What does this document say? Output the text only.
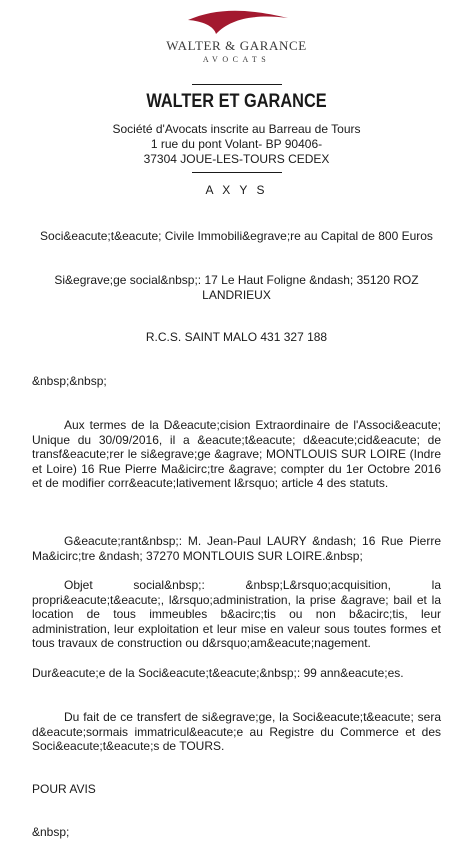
WALTER & GARANCE
AVOCATS
WALTER ET GARANCE
Société d'Avocats inscrite au Barreau de Tours
1 rue du pont Volant- BP 90406-
37304 JOUE-LES-TOURS CEDEX
A X Y S
Soci&eacute;t&eacute; Civile Immobili&egrave;re au Capital de 800 Euros
Si&egrave;ge social&nbsp;: 17 Le Haut Foligne &ndash; 35120 ROZ
LANDRIEUX
R.C.S. SAINT MALO 431 327 188
&nbsp;&nbsp;
Aux termes de la D&eacute;cision Extraordinaire de l'Associ&eacute; Unique du 30/09/2016, il a &eacute;t&eacute; d&eacute;cid&eacute; de transf&eacute;rer le si&egrave;ge &agrave; MONTLOUIS SUR LOIRE (Indre et Loire) 16 Rue Pierre Ma&icirc;tre &agrave; compter du 1er Octobre 2016 et de modifier corr&eacute;lativement l&rsquo; article 4 des statuts.
G&eacute;rant&nbsp;: M. Jean-Paul LAURY &ndash; 16 Rue Pierre Ma&icirc;tre &ndash; 37270 MONTLOUIS SUR LOIRE.&nbsp;
Objet social&nbsp;: &nbsp;L&rsquo;acquisition, la propri&eacute;t&eacute;, l&rsquo;administration, la prise &agrave; bail et la location de tous immeubles b&acirc;tis ou non b&acirc;tis, leur administration, leur exploitation et leur mise en valeur sous toutes formes et tous travaux de construction ou d&rsquo;am&eacute;nagement.
Dur&eacute;e de la Soci&eacute;t&eacute;&nbsp;: 99 ann&eacute;es.
Du fait de ce transfert de si&egrave;ge, la Soci&eacute;t&eacute; sera d&eacute;sormais immatricul&eacute;e au Registre du Commerce et des Soci&eacute;t&eacute;s de TOURS.
POUR AVIS
&nbsp;
